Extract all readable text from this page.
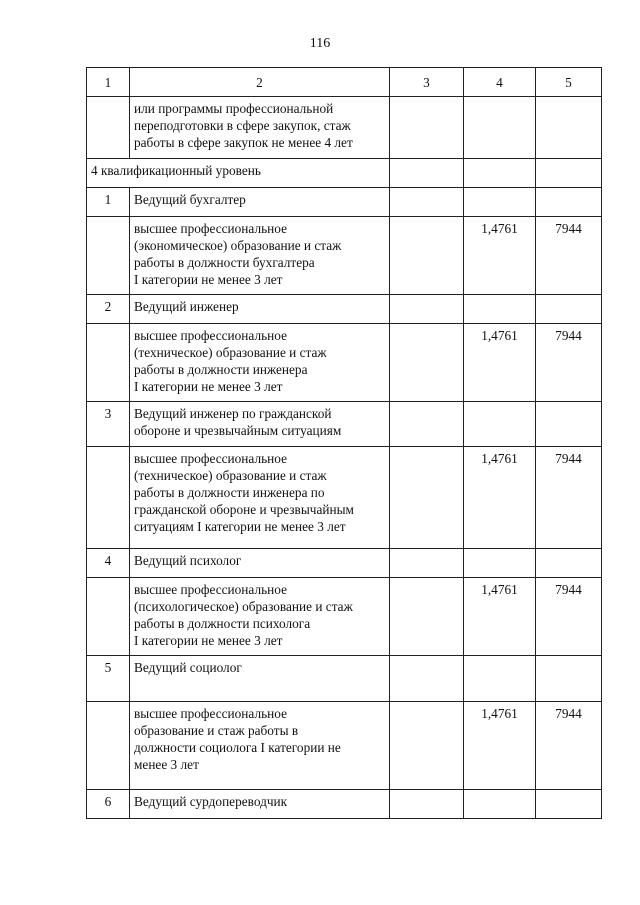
116
1	2	3	4	5

	или программы профессиональной
переподготовки в сфере закупок, стаж
работы в сфере закупок не менее 4 лет			

4 квалификационный уровень				
1	Ведущий бухгалтер			

	высшее профессиональное
(экономическое) образование и стаж
работы в должности бухгалтера
I категории не менее 3 лет		1,4761	7944
2	Ведущий инженер			

	высшее профессиональное
(техническое) образование и стаж
работы в должности инженера
I категории не менее 3 лет		1,4761	7944
3	Ведущий инженер по гражданской
обороне и чрезвычайным ситуациям			

	высшее профессиональное
(техническое) образование и стаж
работы в должности инженера по
гражданской обороне и чрезвычайным
ситуациям I категории не менее 3 лет		1,4761	7944
4	Ведущий психолог			

	высшее профессиональное
(психологическое) образование и стаж
работы в должности психолога
I категории не менее 3 лет		1,4761	7944
5	Ведущий социолог			

	высшее профессиональное
образование и стаж работы в
должности социолога I категории не
менее 3 лет		1,4761	7944
6	Ведущий сурдопереводчик			
